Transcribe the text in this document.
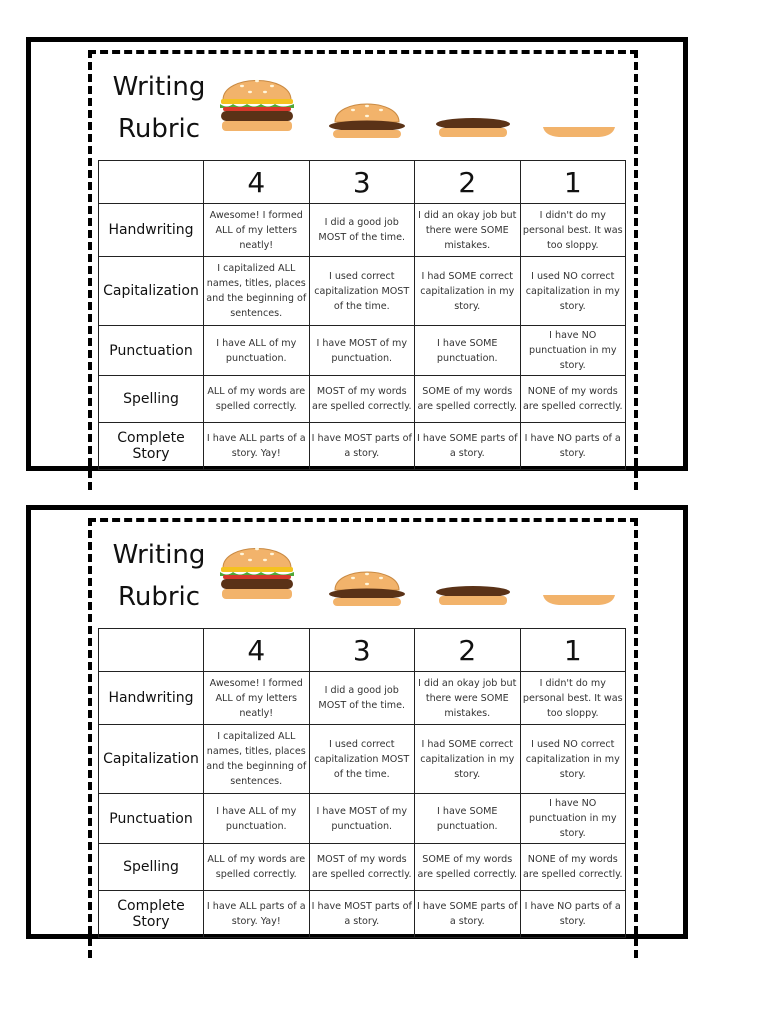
Writing
Rubric
	4	3	2	1
Handwriting	Awesome! I formed ALL of my letters neatly!	I did a good job MOST of the time.	I did an okay job but there were SOME mistakes.	I didn't do my personal best. It was too sloppy.
Capitalization	I capitalized ALL names, titles, places and the beginning of sentences.	I used correct capitalization MOST of the time.	I had SOME correct capitalization in my story.	I used NO correct capitalization in my story.
Punctuation	I have ALL of my punctuation.	I have MOST of my punctuation.	I have SOME punctuation.	I have NO punctuation in my story.
Spelling	ALL of my words are spelled correctly.	MOST of my words are spelled correctly.	SOME of my words are spelled correctly.	NONE of my words are spelled correctly.
Complete Story	I have ALL parts of a story. Yay!	I have MOST parts of a story.	I have SOME parts of a story.	I have NO parts of a story.
Writing
Rubric
	4	3	2	1
Handwriting	Awesome! I formed ALL of my letters neatly!	I did a good job MOST of the time.	I did an okay job but there were SOME mistakes.	I didn't do my personal best. It was too sloppy.
Capitalization	I capitalized ALL names, titles, places and the beginning of sentences.	I used correct capitalization MOST of the time.	I had SOME correct capitalization in my story.	I used NO correct capitalization in my story.
Punctuation	I have ALL of my punctuation.	I have MOST of my punctuation.	I have SOME punctuation.	I have NO punctuation in my story.
Spelling	ALL of my words are spelled correctly.	MOST of my words are spelled correctly.	SOME of my words are spelled correctly.	NONE of my words are spelled correctly.
Complete Story	I have ALL parts of a story. Yay!	I have MOST parts of a story.	I have SOME parts of a story.	I have NO parts of a story.
